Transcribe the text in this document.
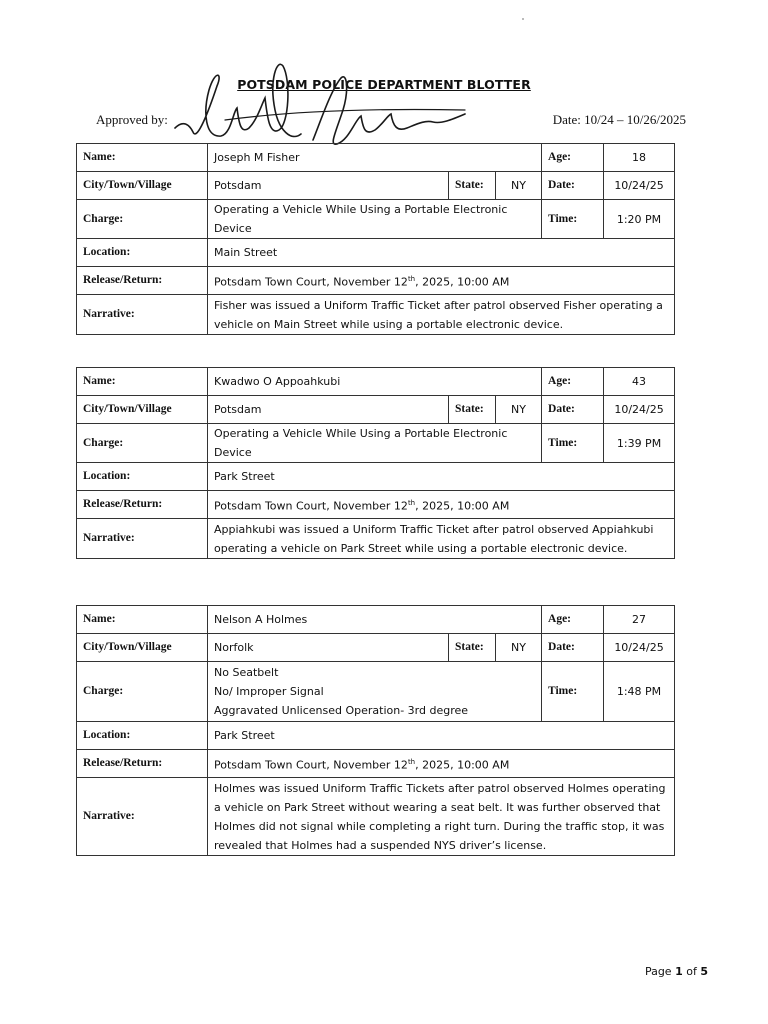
POTSDAM POLICE DEPARTMENT BLOTTER
Approved by:	Date: 10/24 – 10/26/2025
Name:	Joseph M Fisher			Age:	18
City/Town/Village	Potsdam	State:	NY	Date:	10/24/25
Charge:	Operating a Vehicle While Using a Portable Electronic Device			Time:	1:20 PM
Location:	Main Street				
Release/Return:	Potsdam Town Court, November 12th, 2025, 10:00 AM				
Narrative:	Fisher was issued a Uniform Traffic Ticket after patrol observed Fisher operating a vehicle on Main Street while using a portable electronic device.				
Name:	Kwadwo O Appoahkubi			Age:	43
City/Town/Village	Potsdam	State:	NY	Date:	10/24/25
Charge:	Operating a Vehicle While Using a Portable Electronic Device			Time:	1:39 PM
Location:	Park Street				
Release/Return:	Potsdam Town Court, November 12th, 2025, 10:00 AM				
Narrative:	Appiahkubi was issued a Uniform Traffic Ticket after patrol observed Appiahkubi operating a vehicle on Park Street while using a portable electronic device.				
Name:	Nelson A Holmes			Age:	27
City/Town/Village	Norfolk	State:	NY	Date:	10/24/25
Charge:	No Seatbelt
No/ Improper Signal
Aggravated Unlicensed Operation- 3rd degree			Time:	1:48 PM
Location:	Park Street				
Release/Return:	Potsdam Town Court, November 12th, 2025, 10:00 AM				
Narrative:	Holmes was issued Uniform Traffic Tickets after patrol observed Holmes operating a vehicle on Park Street without wearing a seat belt. It was further observed that Holmes did not signal while completing a right turn. During the traffic stop, it was revealed that Holmes had a suspended NYS driver’s license.				
Page 1 of 5
